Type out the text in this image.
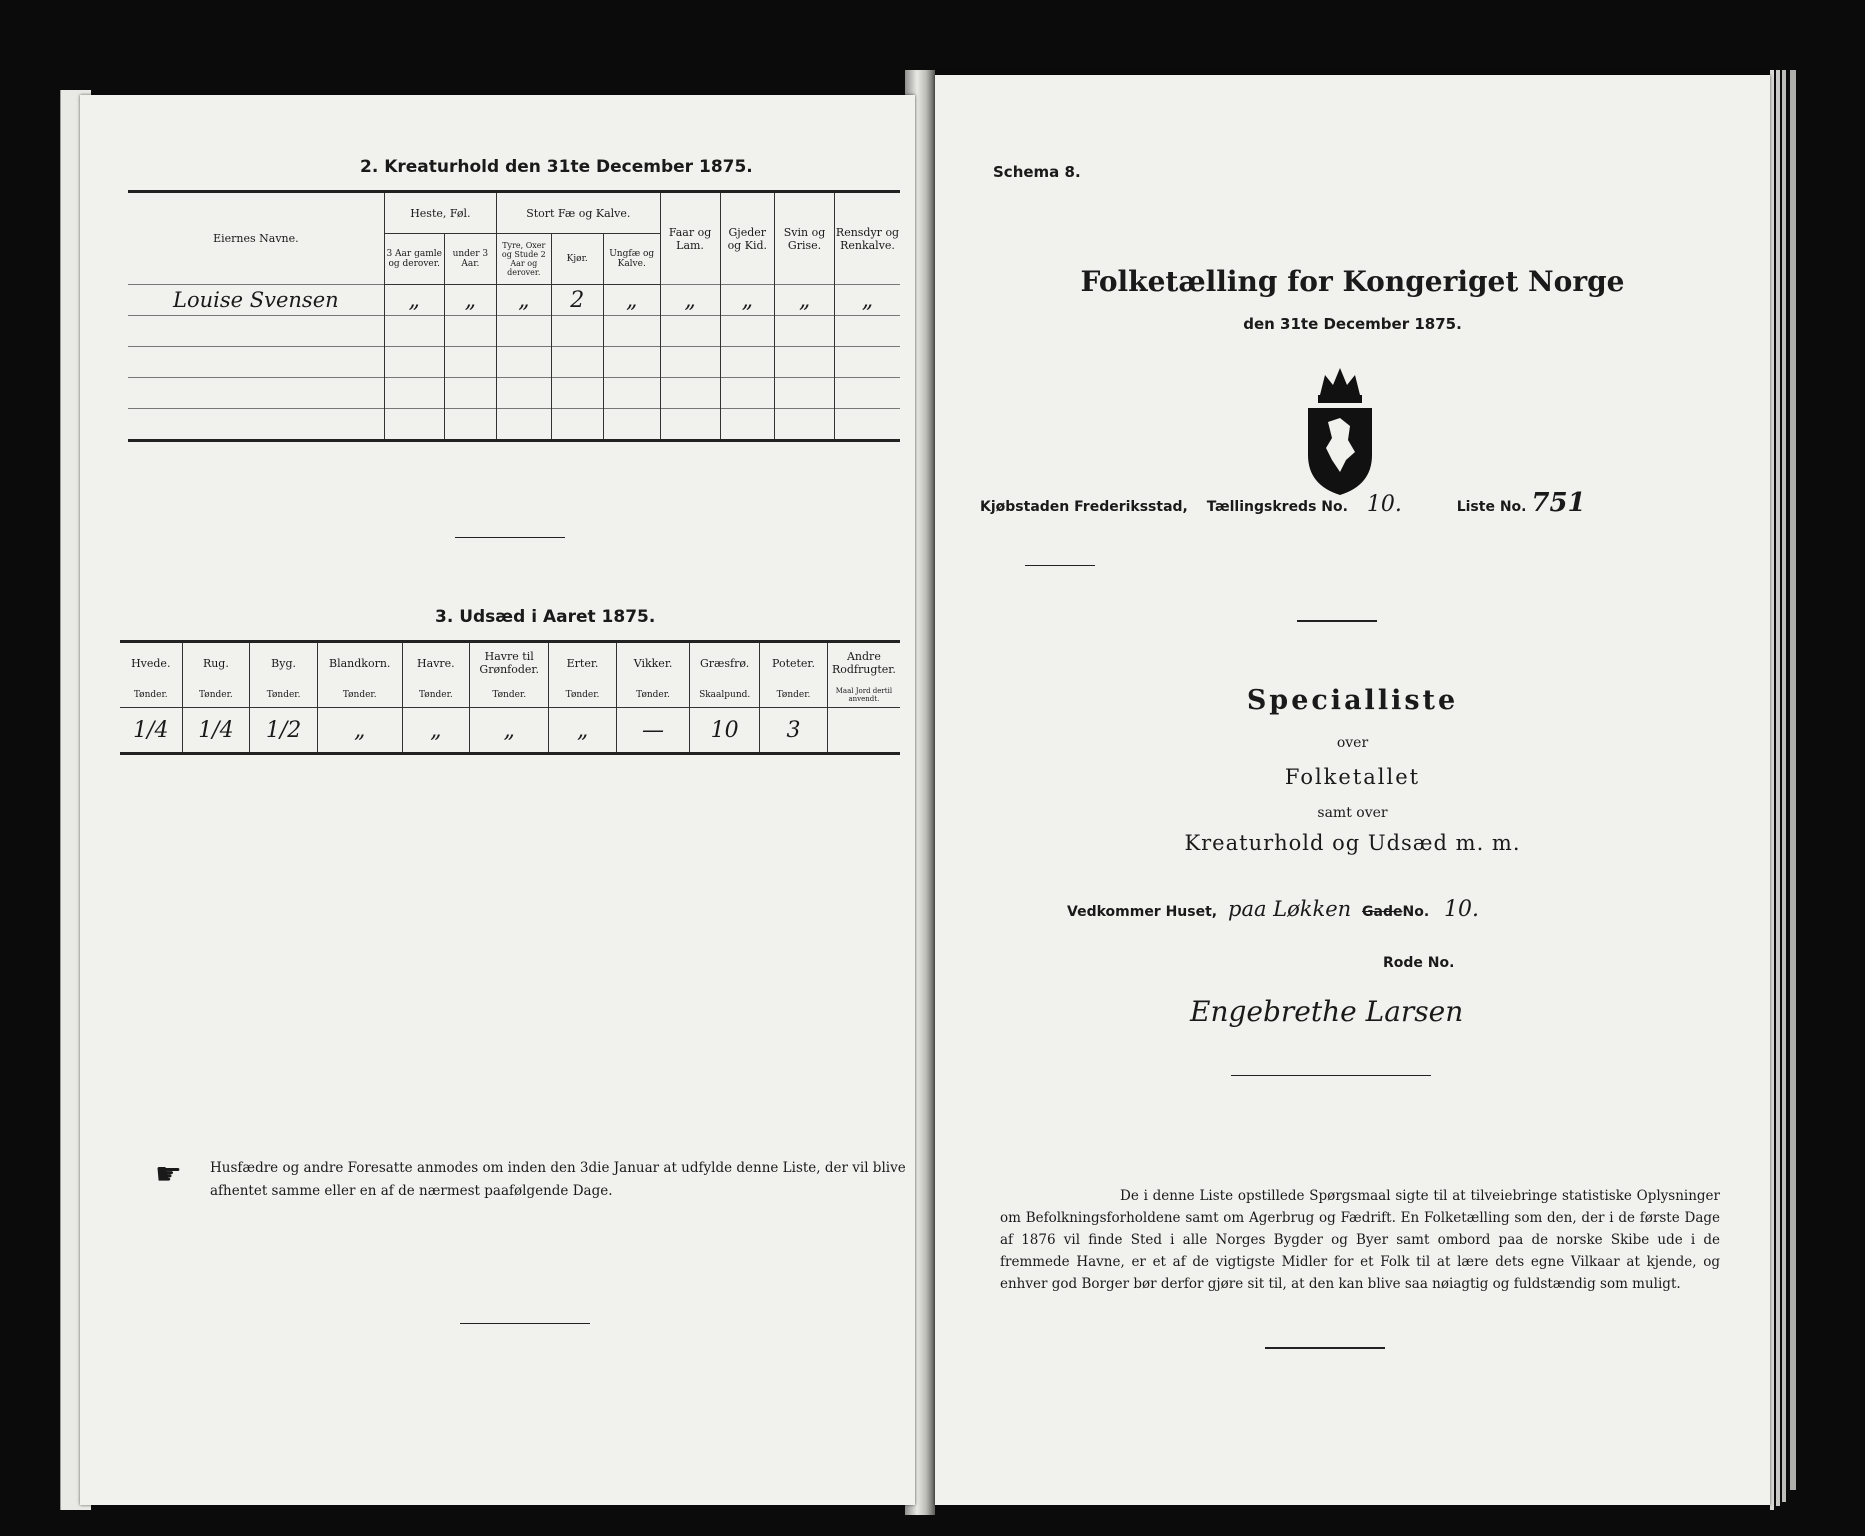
2. Kreaturhold den 31te December 1875.
Eiernes Navne.	Heste, Føl.		Stort Fæ og Kalve.			Faar og Lam.	Gjeder og Kid.	Svin og Grise.	Rensdyr og Renkalve.
	3 Aar gamle og derover.	under 3 Aar.	Tyre, Oxer og Stude 2 Aar og derover.	Kjør.	Ungfæ og Kalve.				
Louise Svensen	„	„	„	2	„	„	„	„	„

3. Udsæd i Aaret 1875.
Hvede.	Rug.	Byg.	Blandkorn.	Havre.	Havre til Grønfoder.	Erter.	Vikker.	Græsfrø.	Poteter.	Andre Rodfrugter.
Tønder.	Tønder.	Tønder.	Tønder.	Tønder.	Tønder.	Tønder.	Tønder.	Skaalpund.	Tønder.	Maal Jord dertil anvendt.
1/4	1/4	1/2	„	„	„	„	—	10	3	
☛ Husfædre og andre Foresatte anmodes om inden den 3die Januar at udfylde denne Liste, der vil blive
afhentet samme eller en af de nærmest paafølgende Dage.
Schema 8.
Folketælling for Kongeriget Norge
den 31te December 1875.
Kjøbstaden Frederiksstad, Tællingskreds No. 10.	Liste No. 751
Specialliste
over
Folketallet
samt over
Kreaturhold og Udsæd m. m.
Vedkommer Huset, paa Løkken GadeNo. 10.
Rode No.
Engebrethe Larsen
De i denne Liste opstillede Spørgsmaal sigte til at tilveiebringe statistiske Oplysninger om Befolkningsforholdene samt om Agerbrug og Fædrift. En Folketælling som den, der i de første Dage af 1876 vil finde Sted i alle Norges Bygder og Byer samt ombord paa de norske Skibe ude i de fremmede Havne, er et af de vigtigste Midler for et Folk til at lære dets egne Vilkaar at kjende, og enhver god Borger bør derfor gjøre sit til, at den kan blive saa nøiagtig og fuldstændig som muligt.
